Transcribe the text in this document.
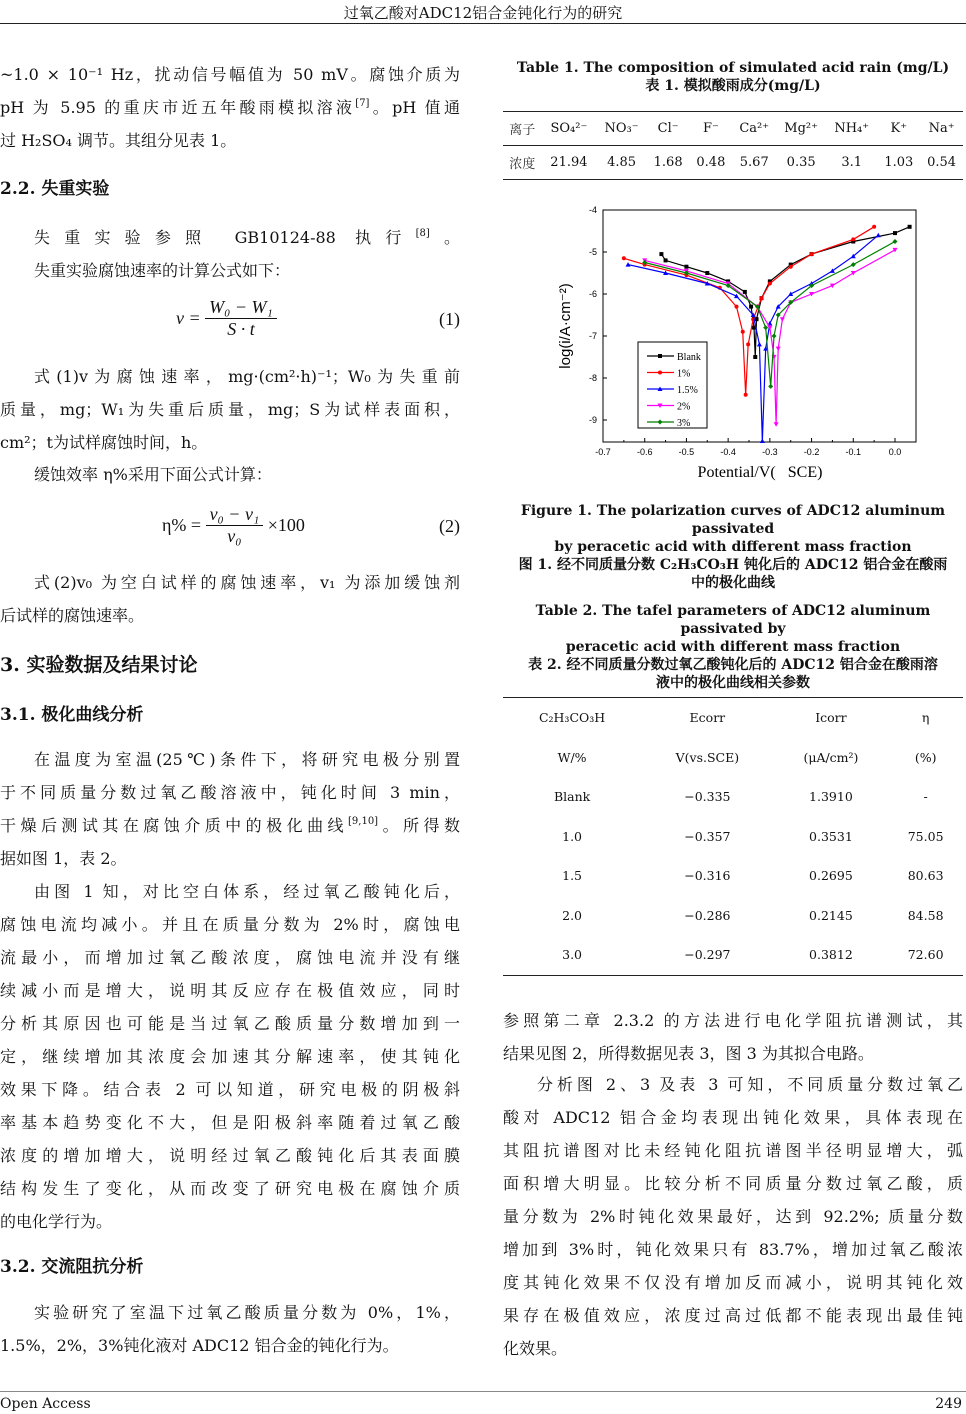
过氧乙酸对ADC12铝合金钝化行为的研究
~1.0 × 10⁻¹ Hz，扰动信号幅值为 50 mV。腐蚀介质为
pH 为 5.95 的重庆市近五年酸雨模拟溶液[7]。pH 值通
过 H₂SO₄ 调节。其组分见表 1。
2.2. 失重实验
失重实验参照 GB10124-88 执行[8]。
失重实验腐蚀速率的计算公式如下：
$v = \frac{\text{W₀ − W₁}}{S \cdot t}$	(1)
式(1)v为腐蚀速率，mg·(cm²·h)⁻¹；W₀为失重前
质量，mg；W₁为失重后质量，mg；S为试样表面积，
cm²；t为试样腐蚀时间，h。
缓蚀效率 η%采用下面公式计算：
$\eta\% = \frac{\text{v₀ − v₁}}{\text{v₀}} \times 100$	(2)
式(2)v₀ 为空白试样的腐蚀速率，v₁ 为添加缓蚀剂
后试样的腐蚀速率。
3. 实验数据及结果讨论
3.1. 极化曲线分析
在温度为室温(25℃)条件下，将研究电极分别置
于不同质量分数过氧乙酸溶液中，钝化时间 3 min，
干燥后测试其在腐蚀介质中的极化曲线[9,10]。所得数
据如图 1，表 2。
由图 1 知，对比空白体系，经过氧乙酸钝化后，
腐蚀电流均减小。并且在质量分数为 2%时，腐蚀电
流最小，而增加过氧乙酸浓度，腐蚀电流并没有继
续减小而是增大，说明其反应存在极值效应，同时
分析其原因也可能是当过氧乙酸质量分数增加到一
定，继续增加其浓度会加速其分解速率，使其钝化
效果下降。结合表 2 可以知道，研究电极的阴极斜
率基本趋势变化不大，但是阳极斜率随着过氧乙酸
浓度的增加增大，说明经过氧乙酸钝化后其表面膜
结构发生了变化，从而改变了研究电极在腐蚀介质
的电化学行为。
3.2. 交流阻抗分析
实验研究了室温下过氧乙酸质量分数为 0%，1%，
1.5%，2%，3%钝化液对 ADC12 铝合金的钝化行为。
Table 1. The composition of simulated acid rain (mg/L)
表 1. 模拟酸雨成分(mg/L)
离子	SO₄²⁻	NO₃⁻	Cl⁻	F⁻	Ca²⁺	Mg²⁺	NH₄⁺	K⁺	Na⁺
浓度	21.94	4.85	1.68	0.48	5.67	0.35	3.1	1.03	0.54
-0.7	-0.6	-0.5	-0.4	-0.3	-0.2	-0.1	0.0
-4
-5
-6
-7
-8
-9
Potential/V(   SCE)
log(i/A·cm⁻²)	Blank
1%
1.5%
2%
3%
Figure 1. The polarization curves of ADC12 aluminum passivated
by peracetic acid with different mass fraction
图 1. 经不同质量分数 C₂H₃CO₃H 钝化后的 ADC12 铝合金在酸雨
中的极化曲线
Table 2. The tafel parameters of ADC12 aluminum passivated by
peracetic acid with different mass fraction
表 2. 经不同质量分数过氧乙酸钝化后的 ADC12 铝合金在酸雨溶
液中的极化曲线相关参数
C₂H₃CO₃H	Ecorr	Icorr	η
W/%	V(vs.SCE)	(μA/cm²)	(%)
Blank	−0.335	1.3910	-
1.0	−0.357	0.3531	75.05
1.5	−0.316	0.2695	80.63
2.0	−0.286	0.2145	84.58
3.0	−0.297	0.3812	72.60
参照第二章 2.3.2 的方法进行电化学阻抗谱测试，其
结果见图 2，所得数据见表 3，图 3 为其拟合电路。
分析图 2、3 及表 3 可知，不同质量分数过氧乙
酸对 ADC12 铝合金均表现出钝化效果，具体表现在
其阻抗谱图对比未经钝化阻抗谱图半径明显增大，弧
面积增大明显。比较分析不同质量分数过氧乙酸，质
量分数为 2%时钝化效果最好，达到 92.2%; 质量分数
增加到 3%时，钝化效果只有 83.7%，增加过氧乙酸浓
度其钝化效果不仅没有增加反而减小，说明其钝化效
果存在极值效应，浓度过高过低都不能表现出最佳钝
化效果。
Open Access	249
